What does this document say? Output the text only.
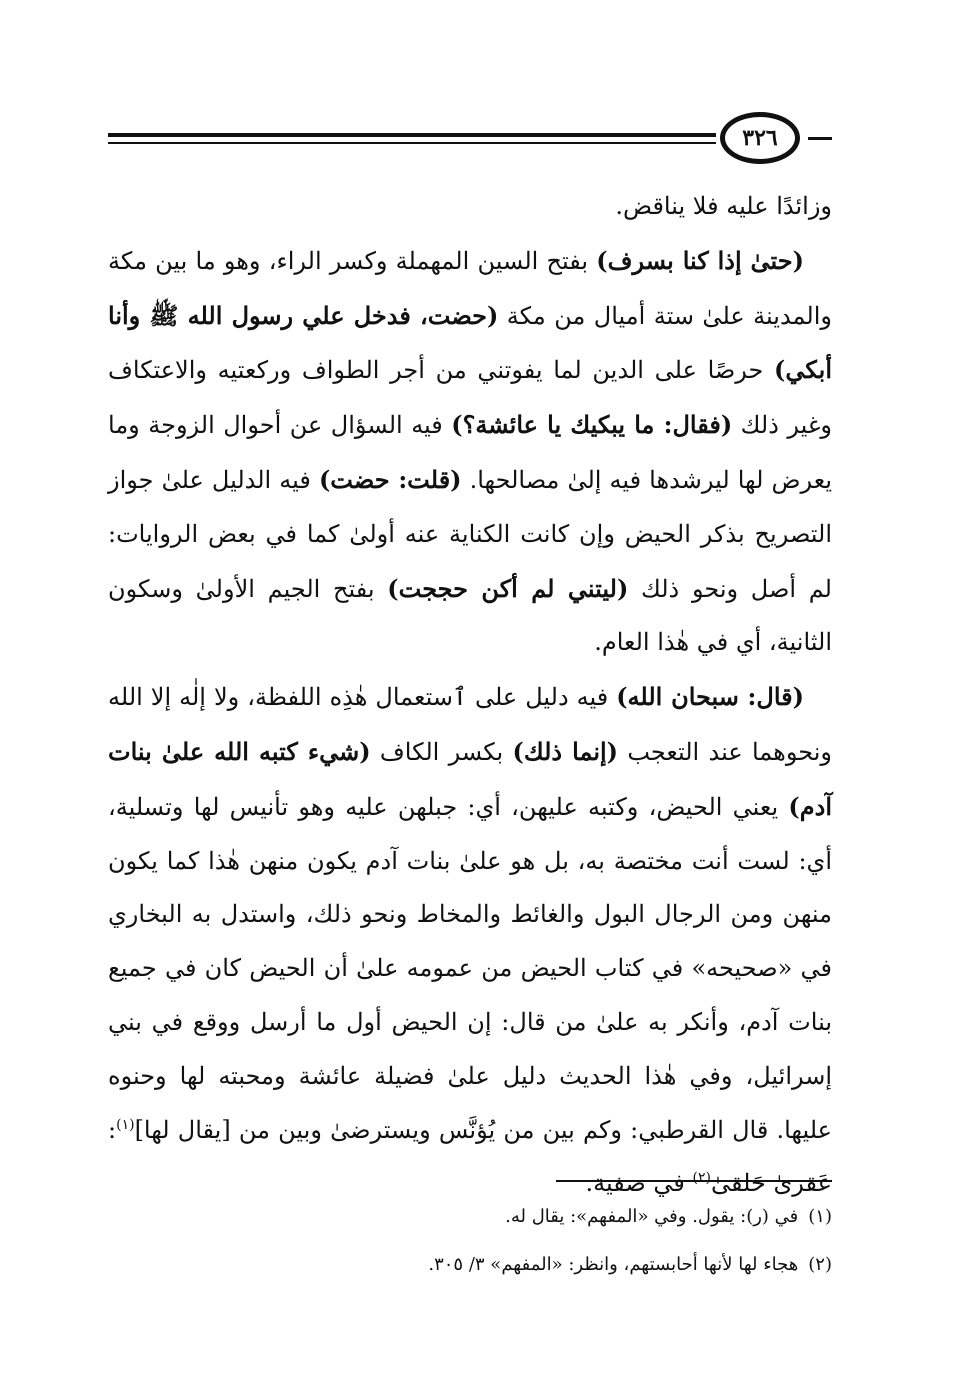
٣٢٦

وزائدًا عليه فلا يناقض.

(حتىٰ إذا كنا بسرف) بفتح السين المهملة وكسر الراء، وهو ما بين مكة والمدينة علىٰ ستة أميال من مكة (حضت، فدخل علي رسول الله ﷺ وأنا أبكي) حرصًا على الدين لما يفوتني من أجر الطواف وركعتيه والاعتكاف وغير ذلك (فقال: ما يبكيك يا عائشة؟) فيه السؤال عن أحوال الزوجة وما يعرض لها ليرشدها فيه إلىٰ مصالحها. (قلت: حضت) فيه الدليل علىٰ جواز التصريح بذكر الحيض وإن كانت الكناية عنه أولىٰ كما في بعض الروايات: لم أصل ونحو ذلك (ليتني لم أكن حججت) بفتح الجيم الأولىٰ وسكون الثانية، أي في هٰذا العام.

(قال: سبحان الله) فيه دليل على ٱستعمال هٰذِه اللفظة، ولا إلٰه إلا الله ونحوهما عند التعجب (إنما ذلك) بكسر الكاف (شيء كتبه الله علىٰ بنات آدم) يعني الحيض، وكتبه عليهن، أي: جبلهن عليه وهو تأنيس لها وتسلية، أي: لست أنت مختصة به، بل هو علىٰ بنات آدم يكون منهن هٰذا كما يكون منهن ومن الرجال البول والغائط والمخاط ونحو ذلك، واستدل به البخاري في «صحيحه» في كتاب الحيض من عمومه علىٰ أن الحيض كان في جميع بنات آدم، وأنكر به علىٰ من قال: إن الحيض أول ما أرسل ووقع في بني إسرائيل، وفي هٰذا الحديث دليل علىٰ فضيلة عائشة ومحبته لها وحنوه عليها. قال القرطبي: وكم بين من يُؤنَّس ويسترضىٰ وبين من [يقال لها]$^{(١)}$: عَقرىٰ حَلقىٰ$^{(٢)}$ في صفية.

(١)في (ر): يقول. وفي «المفهم»: يقال له.

(٢)هجاء لها لأنها أحابستهم، وانظر: «المفهم» ٣/ ٣٠٥.
